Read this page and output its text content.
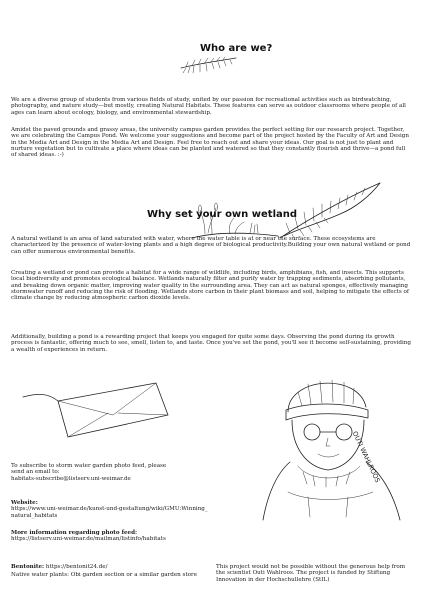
Who are we?

We are a diverse group of students from various fields of study, united by our passion for recreational activities such as birdwatching, photography, and nature study—but mostly, creating Natural Habitats. These features can serve as outdoor classrooms where people of all ages can learn about ecology, biology, and environmental stewardship.

Amidst the paved grounds and grassy areas, the university campus garden provides the perfect setting for our research project. Together, we are celebrating the Campus Pond. We welcome your suggestions and become part of the project hosted by the Faculty of Art and Design in the Media Art and Design in the Media Art and Design. Feel free to reach out and share your ideas. Our goal is not just to plant and nurture vegetation but to cultivate a place where ideas can be planted and watered so that they constantly flourish and thrive—a pond full of shared ideas. :-)

Why set your own wetland

A natural wetland is an area of land saturated with water, where the water table is at or near the surface. These ecosystems are characterized by the presence of water-loving plants and a high degree of biological productivity.Building your own natural wetland or pond can offer numerous environmental benefits.

Creating a wetland or pond can provide a habitat for a wide range of wildlife, including birds, amphibians, fish, and insects. This supports local biodiversity and promotes ecological balance. Wetlands naturally filter and purify water by trapping sediments, absorbing pollutants, and breaking down organic matter, improving water quality in the surrounding area. They can act as natural sponges, effectively managing stormwater runoff and reducing the risk of flooding. Wetlands store carbon in their plant biomass and soil, helping to mitigate the effects of climate change by reducing atmospheric carbon dioxide levels.

Additionally, building a pond is a rewarding project that keeps you engaged for quite some days. Observing the pond during its growth process is fantastic, offering much to see, smell, listen to, and taste. Once you've set the pond, you'll see it become self-sustaining, providing a wealth of experiences in return.

OUTI WAHLROOS
To subscribe to storm water garden photo feed, please send an email to:
habitats-subscribe@listserv.uni-weimar.de
Website:
https://www.uni-weimar.de/kunst-und-gestaltung/wiki/GMU:Winning_natural_habitats
More information regarding photo feed:
https://listserv.uni-weimar.de/mailman/listinfo/habitats
Bentonite: https://bentonit24.de/
Native water plants: Obi garden section or a similar garden store
This project would not be possible without the generous help from the scientist Outi Wahlroos. The project is funded by Stiftung Innovation in der Hochschullehre (StIL)
